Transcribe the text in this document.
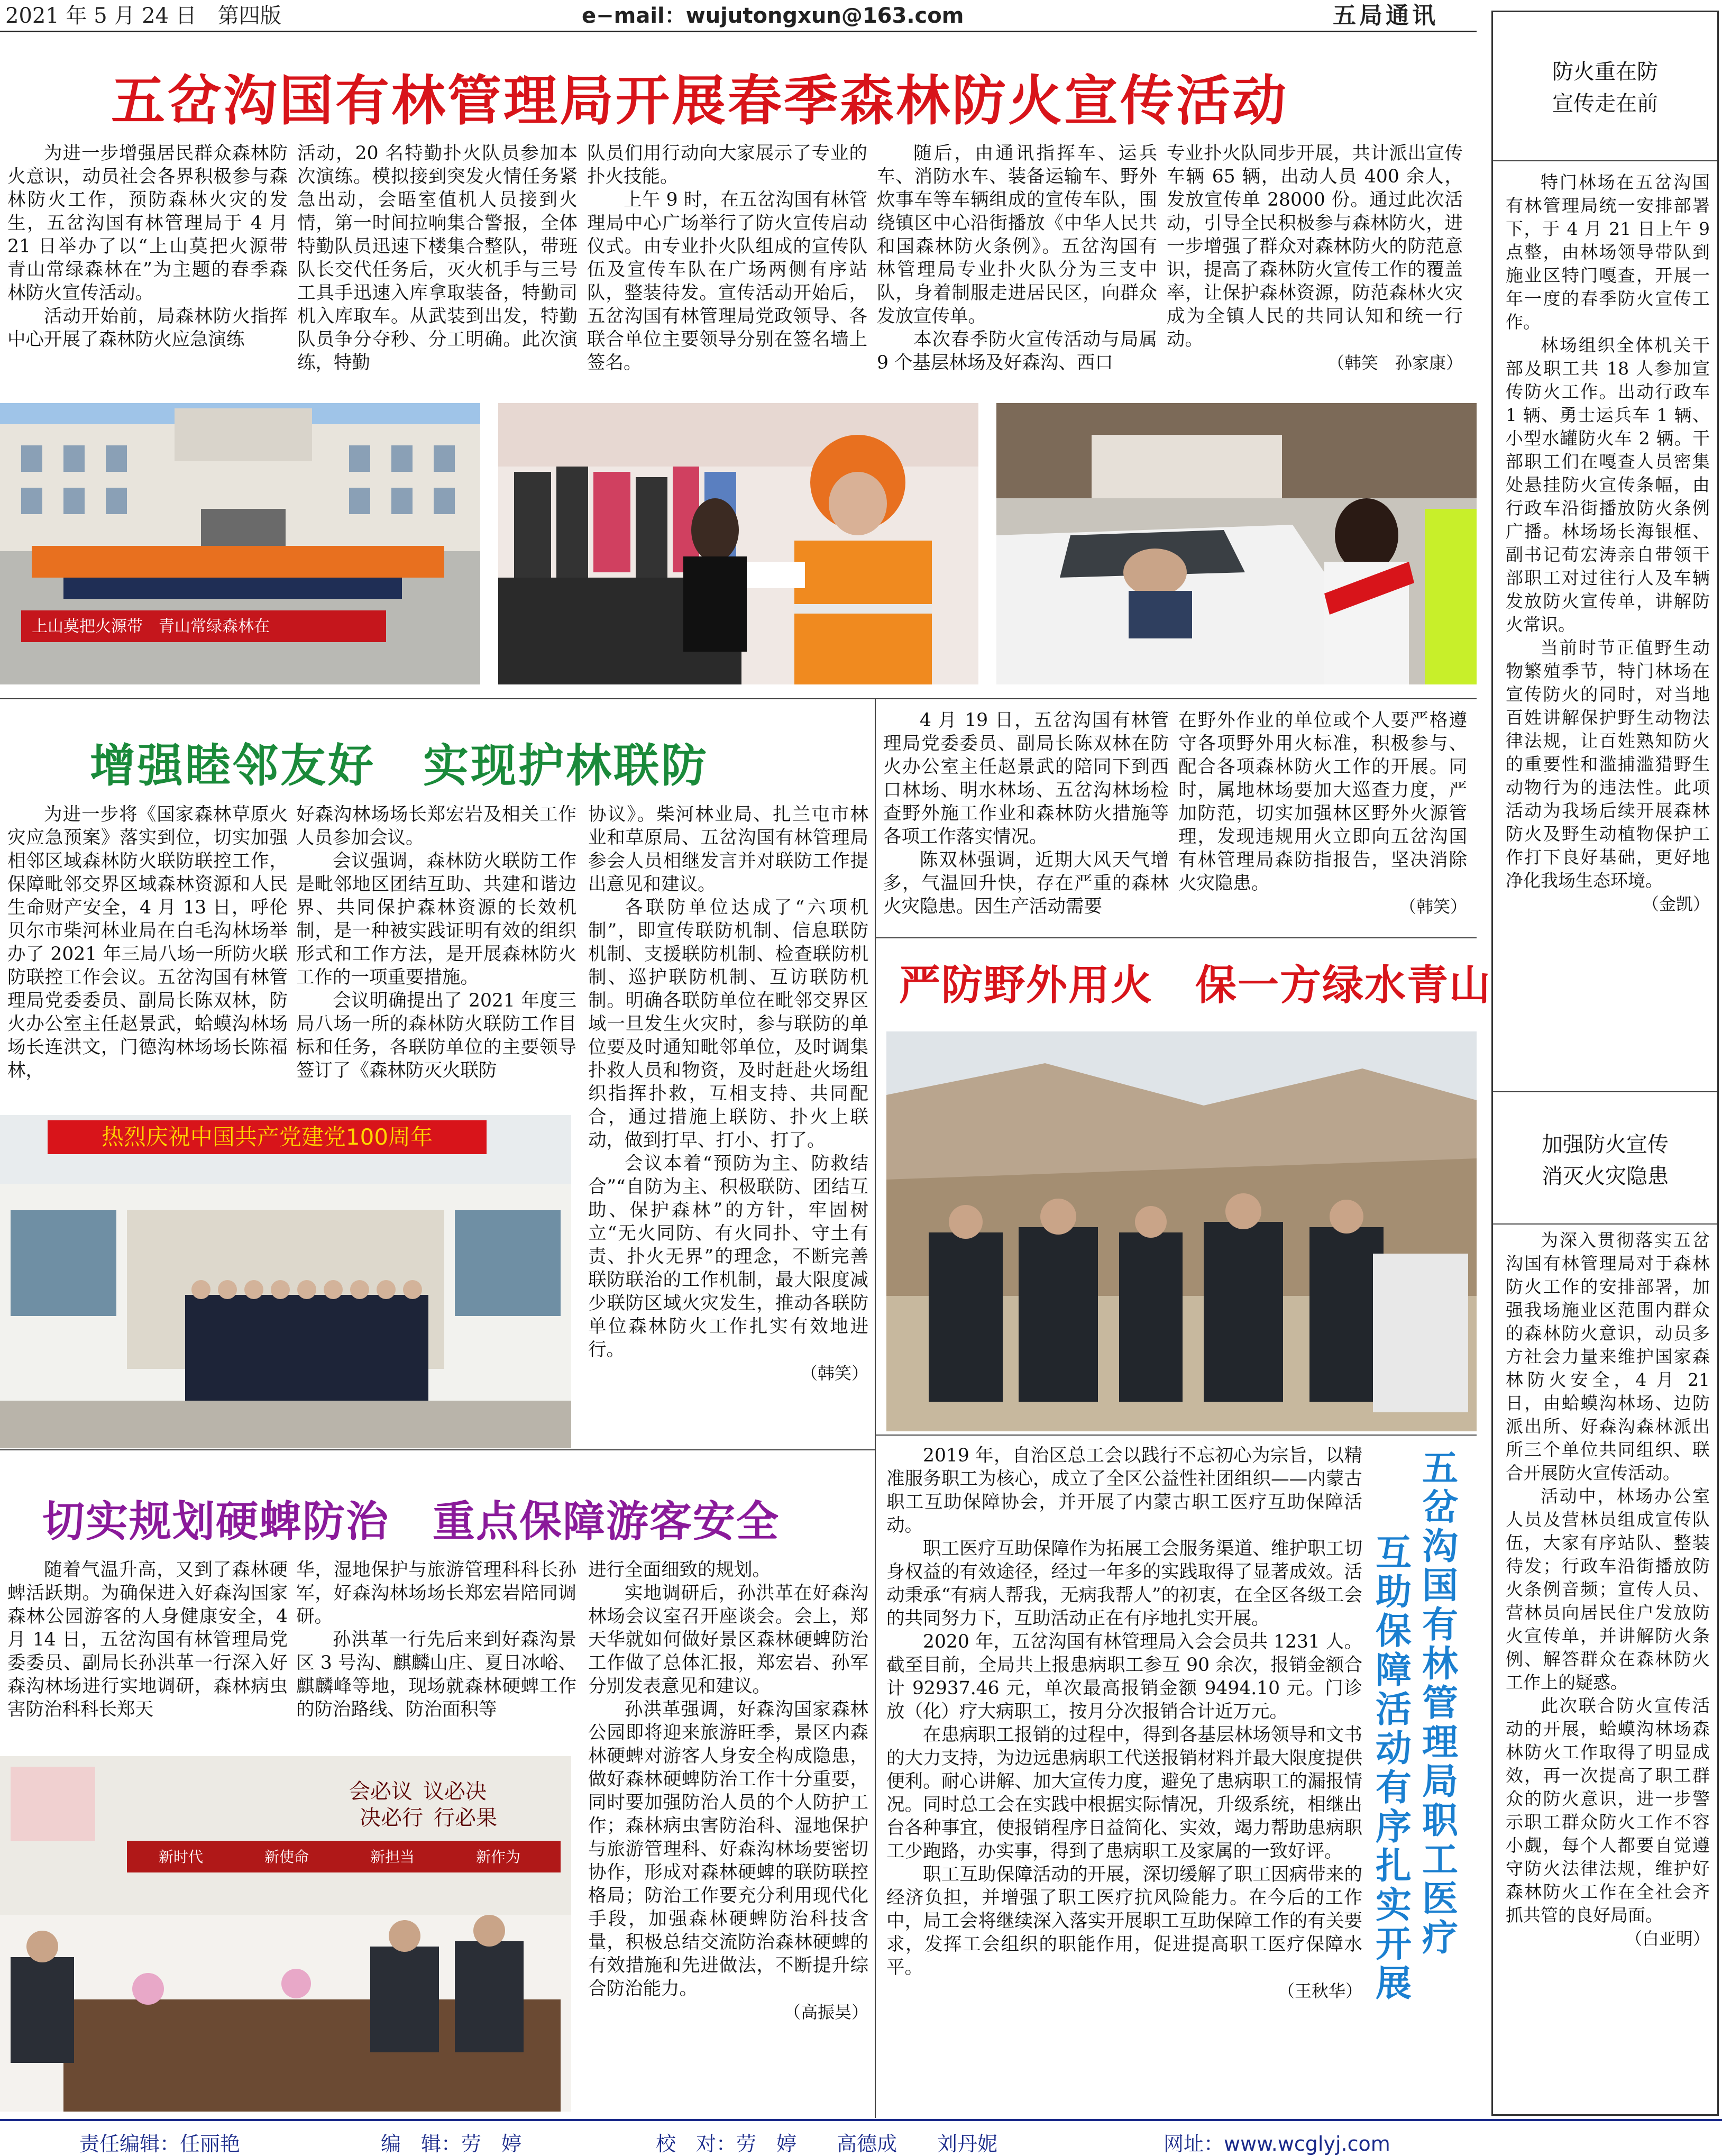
2021 年 5 月 24 日　第四版	e−mail：wujutongxun@163.com	五局通讯
五岔沟国有林管理局开展春季森林防火宣传活动

为进一步增强居民群众森林防火意识，动员社会各界积极参与森林防火工作，预防森林火灾的发生，五岔沟国有林管理局于 4 月 21 日举办了以“上山莫把火源带　青山常绿森林在”为主题的春季森林防火宣传活动。

活动开始前，局森林防火指挥中心开展了森林防火应急演练

活动，20 名特勤扑火队员参加本次演练。模拟接到突发火情任务紧急出动，会晤室值机人员接到火情，第一时间拉响集合警报，全体特勤队员迅速下楼集合整队，带班队长交代任务后，灭火机手与三号工具手迅速入库拿取装备，特勤司机入库取车。从武装到出发，特勤队员争分夺秒、分工明确。此次演练，特勤

队员们用行动向大家展示了专业的扑火技能。

上午 9 时，在五岔沟国有林管理局中心广场举行了防火宣传启动仪式。由专业扑火队组成的宣传队伍及宣传车队在广场两侧有序站队，整装待发。宣传活动开始后，五岔沟国有林管理局党政领导、各联合单位主要领导分别在签名墙上签名。

随后，由通讯指挥车、运兵车、消防水车、装备运输车、野外炊事车等车辆组成的宣传车队，围绕镇区中心沿街播放《中华人民共和国森林防火条例》。五岔沟国有林管理局专业扑火队分为三支中队，身着制服走进居民区，向群众发放宣传单。

本次春季防火宣传活动与局属 9 个基层林场及好森沟、西口

专业扑火队同步开展，共计派出宣传车辆 65 辆，出动人员 400 余人，发放宣传单 28000 份。通过此次活动，引导全民积极参与森林防火，进一步增强了群众对森林防火的防范意识，提高了森林防火宣传工作的覆盖率，让保护森林资源，防范森林火灾成为全镇人民的共同认知和统一行动。

（韩笑　孙家康）
上山莫把火源带　青山常绿森林在
增强睦邻友好　实现护林联防

为进一步将《国家森林草原火灾应急预案》落实到位，切实加强相邻区域森林防火联防联控工作，保障毗邻交界区域森林资源和人民生命财产安全，4 月 13 日，呼伦贝尔市柴河林业局在白毛沟林场举办了 2021 年三局八场一所防火联防联控工作会议。五岔沟国有林管理局党委委员、副局长陈双林，防火办公室主任赵景武，蛤蟆沟林场场长连洪文，门德沟林场场长陈福林，

好森沟林场场长郑宏岩及相关工作人员参加会议。

会议强调，森林防火联防工作是毗邻地区团结互助、共建和谐边界、共同保护森林资源的长效机制，是一种被实践证明有效的组织形式和工作方法，是开展森林防火工作的一项重要措施。

会议明确提出了 2021 年度三局八场一所的森林防火联防工作目标和任务，各联防单位的主要领导签订了《森林防灭火联防

协议》。柴河林业局、扎兰屯市林业和草原局、五岔沟国有林管理局参会人员相继发言并对联防工作提出意见和建议。

各联防单位达成了“六项机制”，即宣传联防机制、信息联防机制、支援联防机制、检查联防机制、巡护联防机制、互访联防机制。明确各联防单位在毗邻交界区域一旦发生火灾时，参与联防的单位要及时通知毗邻单位，及时调集扑救人员和物资，及时赶赴火场组织指挥扑救，互相支持、共同配合，通过措施上联防、扑火上联动，做到打早、打小、打了。

会议本着“预防为主、防救结合”“自防为主、积极联防、团结互助、保护森林”的方针，牢固树立“无火同防、有火同扑、守土有责、扑火无界”的理念，不断完善联防联治的工作机制，最大限度减少联防区域火灾发生，推动各联防单位森林防火工作扎实有效地进行。

（韩笑）
热烈庆祝中国共产党建党100周年

4 月 19 日，五岔沟国有林管理局党委委员、副局长陈双林在防火办公室主任赵景武的陪同下到西口林场、明水林场、五岔沟林场检查野外施工作业和森林防火措施等各项工作落实情况。

陈双林强调，近期大风天气增多，气温回升快，存在严重的森林火灾隐患。因生产活动需要

在野外作业的单位或个人要严格遵守各项野外用火标准，积极参与、配合各项森林防火工作的开展。同时，属地林场要加大巡查力度，严加防范，切实加强林区野外火源管理，发现违规用火立即向五岔沟国有林管理局森防指报告，坚决消除火灾隐患。

（韩笑）
严防野外用火　保一方绿水青山
切实规划硬蜱防治　重点保障游客安全

随着气温升高，又到了森林硬蜱活跃期。为确保进入好森沟国家森林公园游客的人身健康安全，4 月 14 日，五岔沟国有林管理局党委委员、副局长孙洪革一行深入好森沟林场进行实地调研，森林病虫害防治科科长郑天

华，湿地保护与旅游管理科科长孙军，好森沟林场场长郑宏岩陪同调研。

孙洪革一行先后来到好森沟景区 3 号沟、麒麟山庄、夏日冰峪、麒麟峰等地，现场就森林硬蜱工作的防治路线、防治面积等

进行全面细致的规划。

实地调研后，孙洪革在好森沟林场会议室召开座谈会。会上，郑天华就如何做好景区森林硬蜱防治工作做了总体汇报，郑宏岩、孙军分别发表意见和建议。

孙洪革强调，好森沟国家森林公园即将迎来旅游旺季，景区内森林硬蜱对游客人身安全构成隐患，做好森林硬蜱防治工作十分重要，同时要加强防治人员的个人防护工作；森林病虫害防治科、湿地保护与旅游管理科、好森沟林场要密切协作，形成对森林硬蜱的联防联控格局；防治工作要充分利用现代化手段，加强森林硬蜱防治科技含量，积极总结交流防治森林硬蜱的有效措施和先进做法，不断提升综合防治能力。

（高振昊）
会必议 议必决
决必行 行必果
新时代	新使命	新担当	新作为

2019 年，自治区总工会以践行不忘初心为宗旨，以精准服务职工为核心，成立了全区公益性社团组织——内蒙古职工互助保障协会，并开展了内蒙古职工医疗互助保障活动。

职工医疗互助保障作为拓展工会服务渠道、维护职工切身权益的有效途径，经过一年多的实践取得了显著成效。活动秉承“有病人帮我，无病我帮人”的初衷，在全区各级工会的共同努力下，互助活动正在有序地扎实开展。

2020 年，五岔沟国有林管理局入会会员共 1231 人。截至目前，全局共上报患病职工参互 90 余次，报销金额合计 92937.46 元，单次最高报销金额 9494.10 元。门诊放（化）疗大病职工，按月分次报销合计近万元。

在患病职工报销的过程中，得到各基层林场领导和文书的大力支持，为边远患病职工代送报销材料并最大限度提供便利。耐心讲解、加大宣传力度，避免了患病职工的漏报情况。同时总工会在实践中根据实际情况，升级系统，相继出台各种事宜，使报销程序日益简化、实效，竭力帮助患病职工少跑路，办实事，得到了患病职工及家属的一致好评。

职工互助保障活动的开展，深切缓解了职工因病带来的经济负担，并增强了职工医疗抗风险能力。在今后的工作中，局工会将继续深入落实开展职工互助保障工作的有关要求，发挥工会组织的职能作用，促进提高职工医疗保障水平。

（王秋华）
互助保障活动有序扎实开展
五岔沟国有林管理局职工医疗
防火重在防
宣传走在前

特门林场在五岔沟国有林管理局统一安排部署下，于 4 月 21 日上午 9 点整，由林场领导带队到施业区特门嘎查，开展一年一度的春季防火宣传工作。

林场组织全体机关干部及职工共 18 人参加宣传防火工作。出动行政车 1 辆、勇士运兵车 1 辆、小型水罐防火车 2 辆。干部职工们在嘎查人员密集处悬挂防火宣传条幅，由行政车沿街播放防火条例广播。林场场长海银框、副书记荀宏涛亲自带领干部职工对过往行人及车辆发放防火宣传单，讲解防火常识。

当前时节正值野生动物繁殖季节，特门林场在宣传防火的同时，对当地百姓讲解保护野生动物法律法规，让百姓熟知防火的重要性和滥捕滥猎野生动物行为的违法性。此项活动为我场后续开展森林防火及野生动植物保护工作打下良好基础，更好地净化我场生态环境。

（金凯）
加强防火宣传
消灭火灾隐患

为深入贯彻落实五岔沟国有林管理局对于森林防火工作的安排部署，加强我场施业区范围内群众的森林防火意识，动员多方社会力量来维护国家森林防火安全，4 月 21 日，由蛤蟆沟林场、边防派出所、好森沟森林派出所三个单位共同组织、联合开展防火宣传活动。

活动中，林场办公室人员及营林员组成宣传队伍，大家有序站队、整装待发；行政车沿街播放防火条例音频；宣传人员、营林员向居民住户发放防火宣传单，并讲解防火条例、解答群众在森林防火工作上的疑惑。

此次联合防火宣传活动的开展，蛤蟆沟林场森林防火工作取得了明显成效，再一次提高了职工群众的防火意识，进一步警示职工群众防火工作不容小觑，每个人都要自觉遵守防火法律法规，维护好森林防火工作在全社会齐抓共管的良好局面。

（白亚明）
责任编辑：任丽艳	编　辑：劳　婷	校　对：劳　婷　　高德成　　刘丹妮	网址：www.wcglyj.com
